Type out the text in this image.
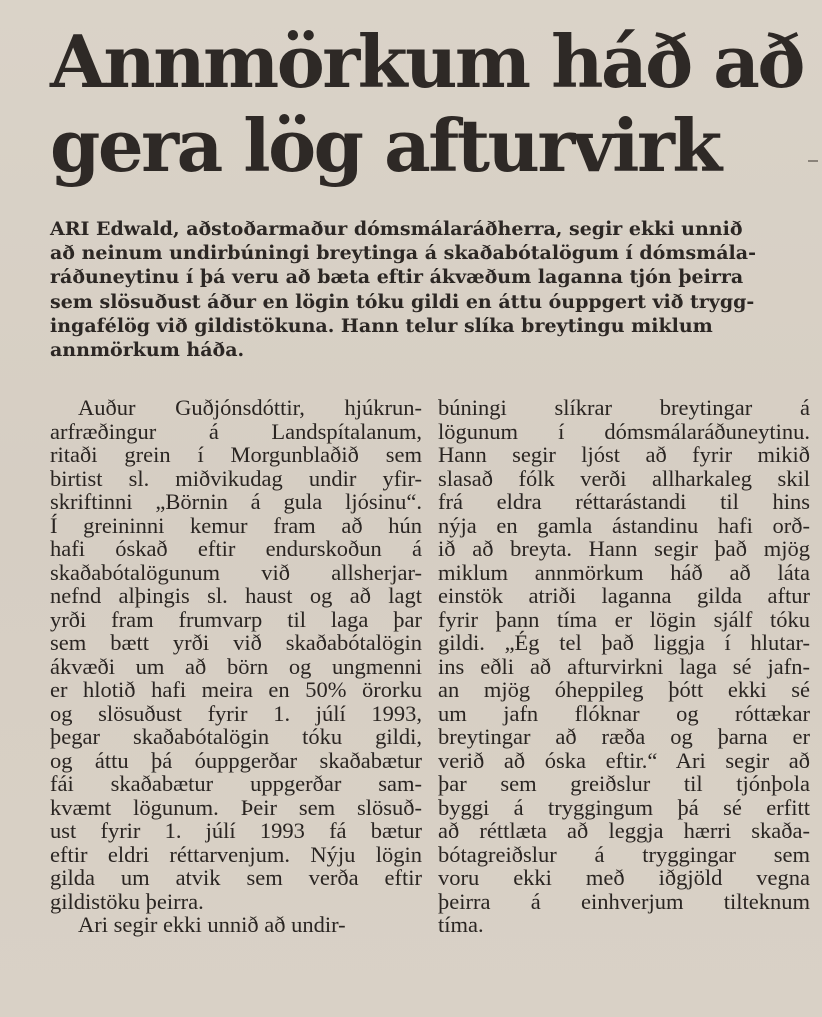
Annmörkum háð að
gera lög afturvirk

ARI Edwald, aðstoðarmaður dómsmálaráðherra, segir ekki unnið
að neinum undirbúningi breytinga á skaðabótalögum í dómsmála-
ráðuneytinu í þá veru að bæta eftir ákvæðum laganna tjón þeirra
sem slösuðust áður en lögin tóku gildi en áttu óuppgert við trygg-
ingafélög við gildistökuna. Hann telur slíka breytingu miklum
annmörkum háða.

Auður Guðjónsdóttir, hjúkrun-
arfræðingur á Landspítalanum,
ritaði grein í Morgunblaðið sem
birtist sl. miðvikudag undir yfir-
skriftinni „Börnin á gula ljósinu“.
Í greininni kemur fram að hún
hafi óskað eftir endurskoðun á
skaðabótalögunum við allsherjar-
nefnd alþingis sl. haust og að lagt
yrði fram frumvarp til laga þar
sem bætt yrði við skaðabótalögin
ákvæði um að börn og ungmenni
er hlotið hafi meira en 50% örorku
og slösuðust fyrir 1. júlí 1993,
þegar skaðabótalögin tóku gildi,
og áttu þá óuppgerðar skaðabætur
fái skaðabætur uppgerðar sam-
kvæmt lögunum. Þeir sem slösuð-
ust fyrir 1. júlí 1993 fá bætur
eftir eldri réttarvenjum. Nýju lögin
gilda um atvik sem verða eftir
gildistöku þeirra.
Ari segir ekki unnið að undir-
búningi slíkrar breytingar á
lögunum í dómsmálaráðuneytinu.
Hann segir ljóst að fyrir mikið
slasað fólk verði allharkaleg skil
frá eldra réttarástandi til hins
nýja en gamla ástandinu hafi orð-
ið að breyta. Hann segir það mjög
miklum annmörkum háð að láta
einstök atriði laganna gilda aftur
fyrir þann tíma er lögin sjálf tóku
gildi. „Ég tel það liggja í hlutar-
ins eðli að afturvirkni laga sé jafn-
an mjög óheppileg þótt ekki sé
um jafn flóknar og róttækar
breytingar að ræða og þarna er
verið að óska eftir.“ Ari segir að
þar sem greiðslur til tjónþola
byggi á tryggingum þá sé erfitt
að réttlæta að leggja hærri skaða-
bótagreiðslur á tryggingar sem
voru ekki með iðgjöld vegna
þeirra á einhverjum tilteknum
tíma.
